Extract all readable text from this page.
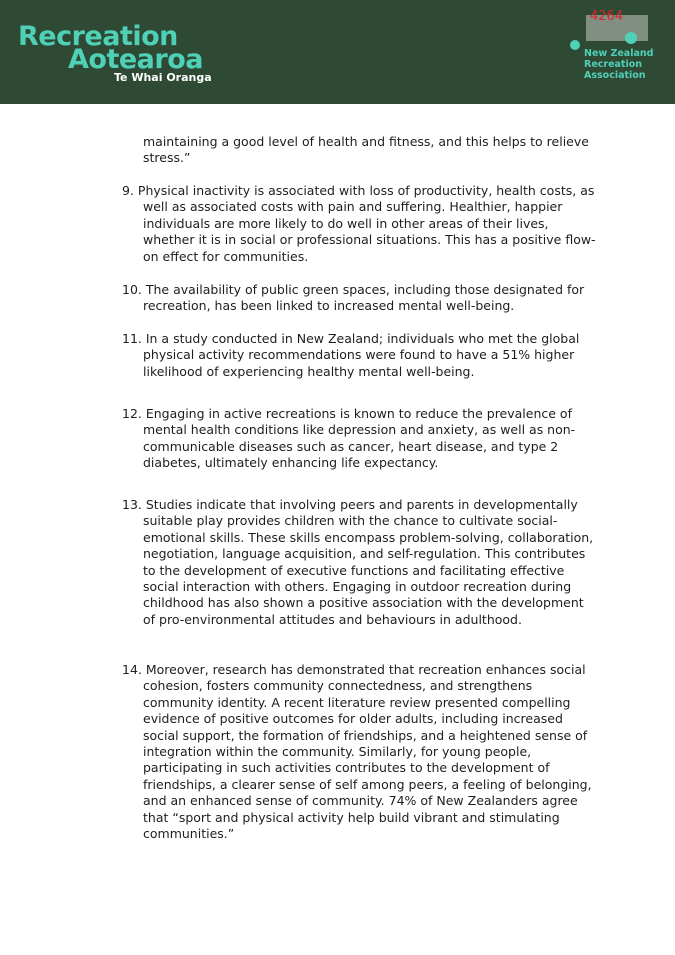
Recreation
Aotearoa
Te Whai Oranga
New Zealand
Recreation
Association
4264
maintaining a good level of health and fitness, and this helps to relieve
stress.”
9. Physical inactivity is associated with loss of productivity, health costs, as
well as associated costs with pain and suffering. Healthier, happier
individuals are more likely to do well in other areas of their lives,
whether it is in social or professional situations. This has a positive flow-
on effect for communities.
10. The availability of public green spaces, including those designated for
recreation, has been linked to increased mental well-being.
11. In a study conducted in New Zealand; individuals who met the global
physical activity recommendations were found to have a 51% higher
likelihood of experiencing healthy mental well-being.
12. Engaging in active recreations is known to reduce the prevalence of
mental health conditions like depression and anxiety, as well as non-
communicable diseases such as cancer, heart disease, and type 2
diabetes, ultimately enhancing life expectancy.
13. Studies indicate that involving peers and parents in developmentally
suitable play provides children with the chance to cultivate social-
emotional skills. These skills encompass problem-solving, collaboration,
negotiation, language acquisition, and self-regulation. This contributes
to the development of executive functions and facilitating effective
social interaction with others. Engaging in outdoor recreation during
childhood has also shown a positive association with the development
of pro-environmental attitudes and behaviours in adulthood.
14. Moreover, research has demonstrated that recreation enhances social
cohesion, fosters community connectedness, and strengthens
community identity. A recent literature review presented compelling
evidence of positive outcomes for older adults, including increased
social support, the formation of friendships, and a heightened sense of
integration within the community. Similarly, for young people,
participating in such activities contributes to the development of
friendships, a clearer sense of self among peers, a feeling of belonging,
and an enhanced sense of community. 74% of New Zealanders agree
that “sport and physical activity help build vibrant and stimulating
communities.”
